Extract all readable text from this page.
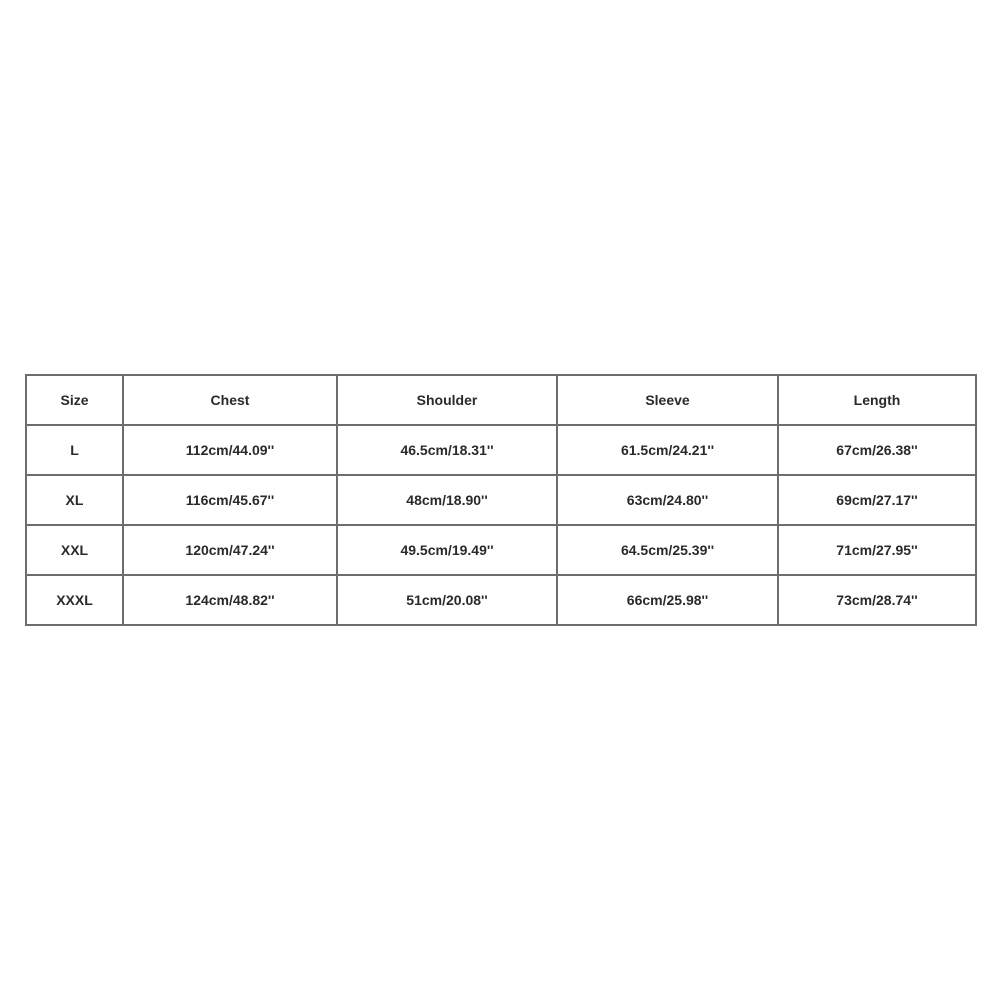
Size	Chest	Shoulder	Sleeve	Length
L	112cm/44.09''	46.5cm/18.31''	61.5cm/24.21''	67cm/26.38''
XL	116cm/45.67''	48cm/18.90''	63cm/24.80''	69cm/27.17''
XXL	120cm/47.24''	49.5cm/19.49''	64.5cm/25.39''	71cm/27.95''
XXXL	124cm/48.82''	51cm/20.08''	66cm/25.98''	73cm/28.74''
